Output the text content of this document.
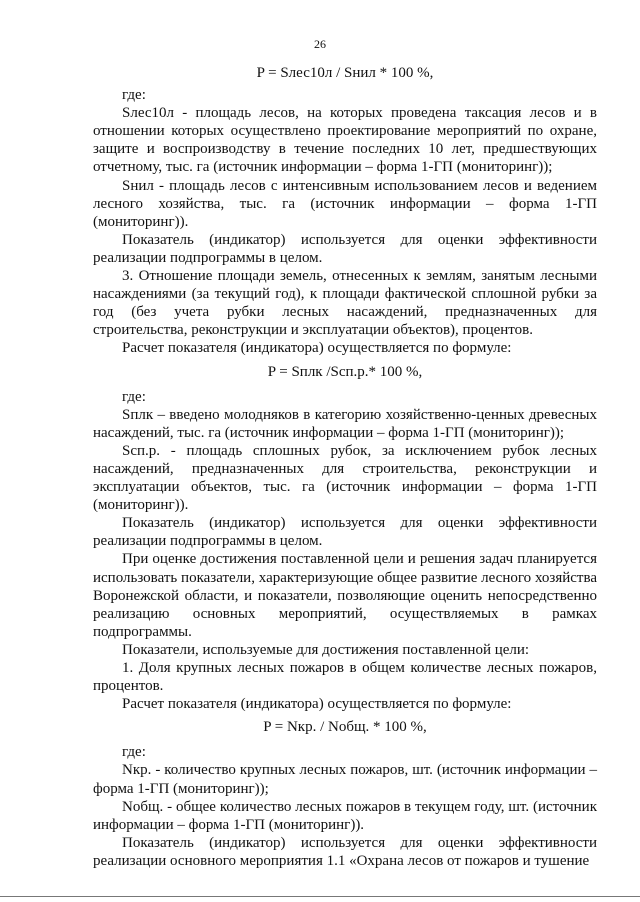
26

P = Sлес10л / Sнил * 100 %,

где:

Sлес10л - площадь лесов, на которых проведена таксация лесов и в отношении которых осуществлено проектирование мероприятий по охране, защите и воспроизводству в течение последних 10 лет, предшествующих отчетному, тыс. га (источник информации – форма 1-ГП (мониторинг));

Sнил - площадь лесов с интенсивным использованием лесов и ведением лесного хозяйства, тыс. га (источник информации – форма 1-ГП (мониторинг)).

Показатель (индикатор) используется для оценки эффективности реализации подпрограммы в целом.

3. Отношение площади земель, отнесенных к землям, занятым лесными насаждениями (за текущий год), к площади фактической сплошной рубки за год (без учета рубки лесных насаждений, предназначенных для строительства, реконструкции и эксплуатации объектов), процентов.

Расчет показателя (индикатора) осуществляется по формуле:

P = Sплк /Sсп.р.* 100 %,

где:

Sплк – введено молодняков в категорию хозяйственно-ценных древесных насаждений, тыс. га (источник информации – форма 1-ГП (мониторинг));

Sсп.р. - площадь сплошных рубок, за исключением рубок лесных насаждений, предназначенных для строительства, реконструкции и эксплуатации объектов, тыс. га (источник информации – форма 1-ГП (мониторинг)).

Показатель (индикатор) используется для оценки эффективности реализации подпрограммы в целом.

При оценке достижения поставленной цели и решения задач планируется использовать показатели, характеризующие общее развитие лесного хозяйства Воронежской области, и показатели, позволяющие оценить непосредственно реализацию основных мероприятий, осуществляемых в рамках подпрограммы.

Показатели, используемые для достижения поставленной цели:

1. Доля крупных лесных пожаров в общем количестве лесных пожаров, процентов.

Расчет показателя (индикатора) осуществляется по формуле:

P = Nкр. / Nобщ. * 100 %,

где:

Nкр. - количество крупных лесных пожаров, шт. (источник информации – форма 1-ГП (мониторинг));

Nобщ. - общее количество лесных пожаров в текущем году, шт. (источник информации – форма 1-ГП (мониторинг)).

Показатель (индикатор) используется для оценки эффективности реализации основного мероприятия 1.1 «Охрана лесов от пожаров и тушение
